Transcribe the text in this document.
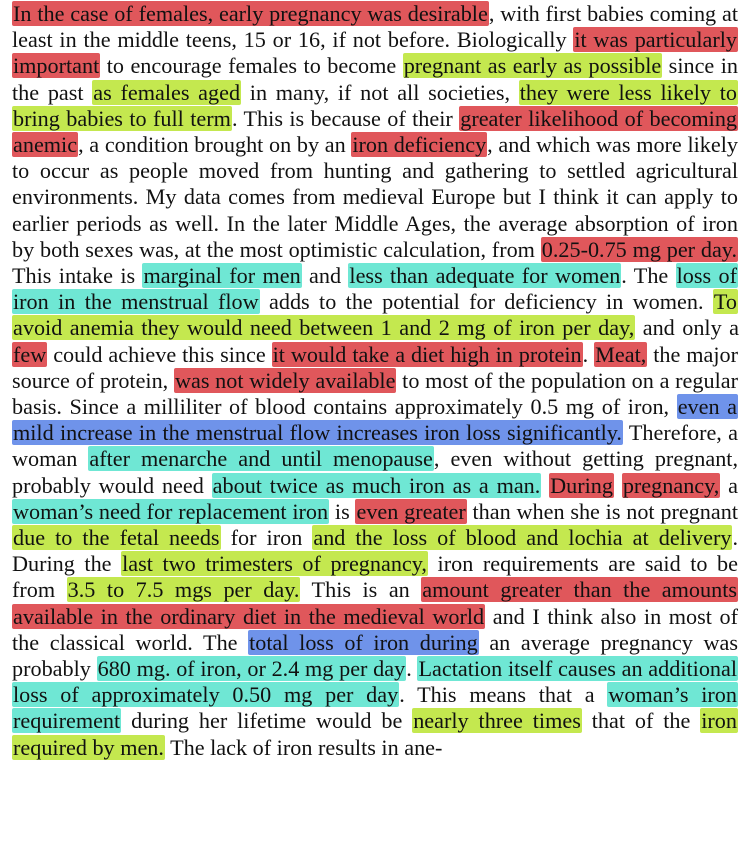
In the case of females, early pregnancy was desirable, with first babies coming at least in the middle teens, 15 or 16, if not before. Biologically it was particularly important to encourage females to become pregnant as early as possible since in the past as females aged in many, if not all societies, they were less likely to bring babies to full term. This is because of their greater likelihood of becoming anemic, a condition brought on by an iron deficiency, and which was more likely to occur as people moved from hunting and gathering to settled agricultural environments. My data comes from medieval Europe but I think it can apply to earlier periods as well. In the later Middle Ages, the average absorption of iron by both sexes was, at the most optimistic calculation, from 0.25-0.75 mg per day. This intake is marginal for men and less than adequate for women. The loss of iron in the menstrual flow adds to the potential for deficiency in women. To avoid anemia they would need between 1 and 2 mg of iron per day, and only a few could achieve this since it would take a diet high in protein. Meat, the major source of protein, was not widely available to most of the population on a regular basis. Since a milliliter of blood contains approximately 0.5 mg of iron, even a mild increase in the menstrual flow increases iron loss significantly. Therefore, a woman after menarche and until menopause, even without getting pregnant, probably would need about twice as much iron as a man. During pregnancy, a woman’s need for replacement iron is even greater than when she is not pregnant due to the fetal needs for iron and the loss of blood and lochia at delivery. During the last two trimesters of pregnancy, iron requirements are said to be from 3.5 to 7.5 mgs per day. This is an amount greater than the amounts available in the ordinary diet in the medieval world and I think also in most of the classical world. The total loss of iron during an average pregnancy was probably 680 mg. of iron, or 2.4 mg per day. Lactation itself causes an additional loss of approximately 0.50 mg per day. This means that a woman’s iron requirement during her lifetime would be nearly three times that of the iron required by men. The lack of iron results in ane-
